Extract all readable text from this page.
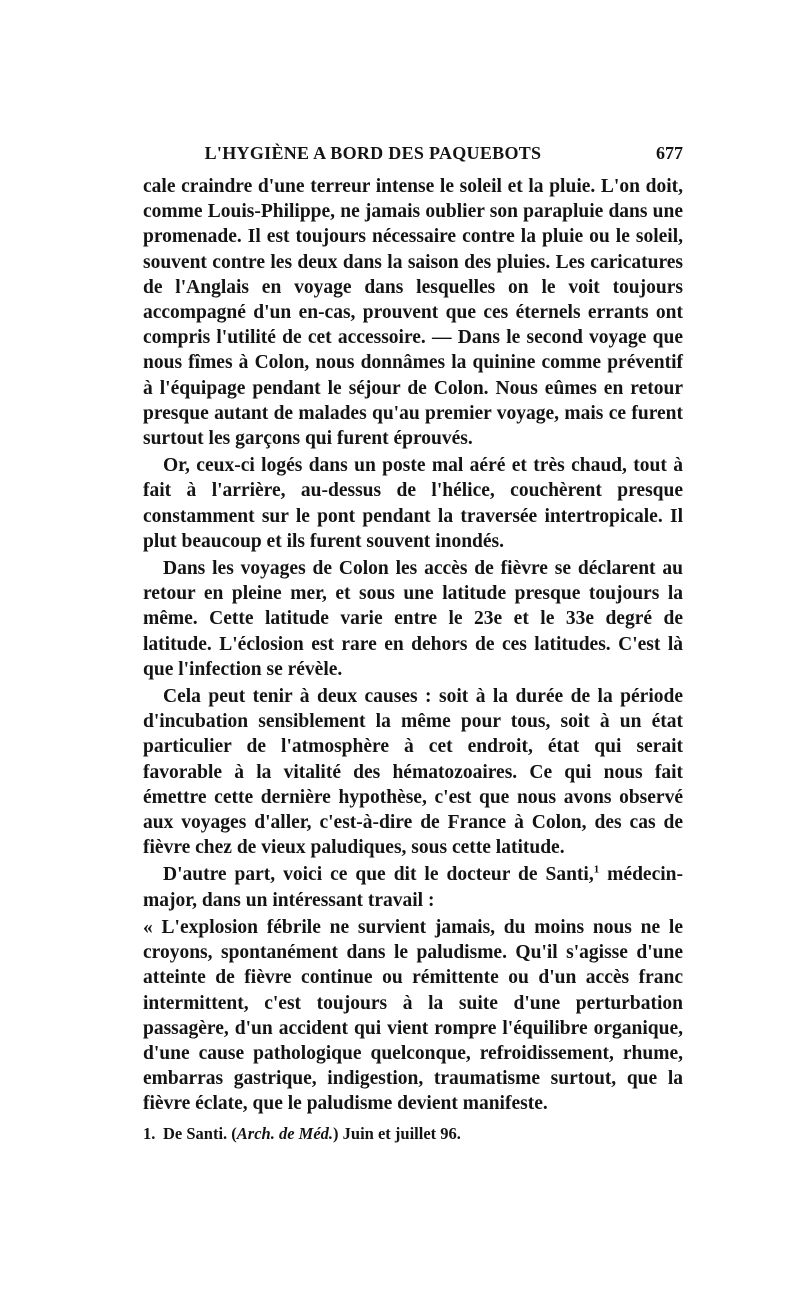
L'HYGIÈNE A BORD DES PAQUEBOTS	677

cale craindre d'une terreur intense le soleil et la pluie. L'on doit, comme Louis-Philippe, ne jamais oublier son parapluie dans une promenade. Il est toujours nécessaire contre la pluie ou le soleil, souvent contre les deux dans la saison des pluies. Les caricatures de l'Anglais en voyage dans lesquelles on le voit toujours accompagné d'un en-cas, prouvent que ces éternels errants ont compris l'utilité de cet accessoire. — Dans le second voyage que nous fîmes à Colon, nous donnâmes la quinine comme préventif à l'équipage pendant le séjour de Colon. Nous eûmes en retour presque autant de malades qu'au premier voyage, mais ce furent surtout les garçons qui furent éprouvés.

Or, ceux-ci logés dans un poste mal aéré et très chaud, tout à fait à l'arrière, au-dessus de l'hélice, couchèrent presque constamment sur le pont pendant la traversée intertropicale. Il plut beaucoup et ils furent souvent inondés.

Dans les voyages de Colon les accès de fièvre se déclarent au retour en pleine mer, et sous une latitude presque toujours la même. Cette latitude varie entre le 23e et le 33e degré de latitude. L'éclosion est rare en dehors de ces latitudes. C'est là que l'infection se révèle.

Cela peut tenir à deux causes : soit à la durée de la période d'incubation sensiblement la même pour tous, soit à un état particulier de l'atmosphère à cet endroit, état qui serait favorable à la vitalité des hématozoaires. Ce qui nous fait émettre cette dernière hypothèse, c'est que nous avons observé aux voyages d'aller, c'est-à-dire de France à Colon, des cas de fièvre chez de vieux paludiques, sous cette latitude.

D'autre part, voici ce que dit le docteur de Santi,$^1$ médecin-major, dans un intéressant travail :

« L'explosion fébrile ne survient jamais, du moins nous ne le croyons, spontanément dans le paludisme. Qu'il s'agisse d'une atteinte de fièvre continue ou rémittente ou d'un accès franc intermittent, c'est toujours à la suite d'une perturbation passagère, d'un accident qui vient rompre l'équilibre organique, d'une cause pathologique quelconque, refroidissement, rhume, embarras gastrique, indigestion, traumatisme surtout, que la fièvre éclate, que le paludisme devient manifeste.

1. De Santi. (Arch. de Méd.) Juin et juillet 96.
